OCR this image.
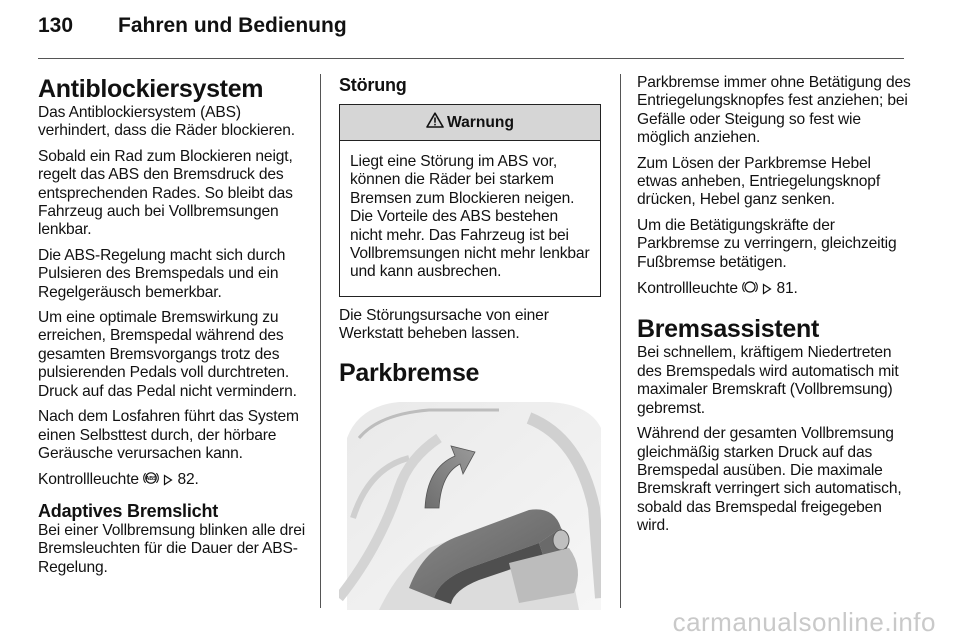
130	Fahren und Bedienung
Antiblockiersystem

Das Antiblockiersystem (ABS) verhindert, dass die Räder blockieren.

Sobald ein Rad zum Blockieren neigt, regelt das ABS den Bremsdruck des entsprechenden Rades. So bleibt das Fahrzeug auch bei Vollbremsungen lenkbar.

Die ABS-Regelung macht sich durch Pulsieren des Bremspedals und ein Regelgeräusch bemerkbar.

Um eine optimale Bremswirkung zu erreichen, Bremspedal während des gesamten Bremsvorgangs trotz des pulsierenden Pedals voll durchtreten. Druck auf das Pedal nicht vermindern.

Nach dem Losfahren führt das System einen Selbsttest durch, der hörbare Geräusche verursachen kann.

Kontrollleuchte ABS 82.

Adaptives Bremslicht

Bei einer Vollbremsung blinken alle drei Bremsleuchten für die Dauer der ABS-Regelung.

Störung
Warnung
Liegt eine Störung im ABS vor, können die Räder bei starkem Bremsen zum Blockieren neigen. Die Vorteile des ABS bestehen nicht mehr. Das Fahrzeug ist bei Vollbremsungen nicht mehr lenkbar und kann ausbrechen.

Die Störungsursache von einer Werkstatt beheben lassen.

Parkbremse

Parkbremse immer ohne Betätigung des Entriegelungsknopfes fest anziehen; bei Gefälle oder Steigung so fest wie möglich anziehen.

Zum Lösen der Parkbremse Hebel etwas anheben, Entriegelungsknopf drücken, Hebel ganz senken.

Um die Betätigungskräfte der Parkbremse zu verringern, gleichzeitig Fußbremse betätigen.

Kontrollleuchte 81.

Bremsassistent

Bei schnellem, kräftigem Niedertreten des Bremspedals wird automatisch mit maximaler Bremskraft (Vollbremsung) gebremst.

Während der gesamten Vollbremsung gleichmäßig starken Druck auf das Bremspedal ausüben. Die maximale Bremskraft verringert sich automatisch, sobald das Bremspedal freigegeben wird.

carmanualsonline.info
